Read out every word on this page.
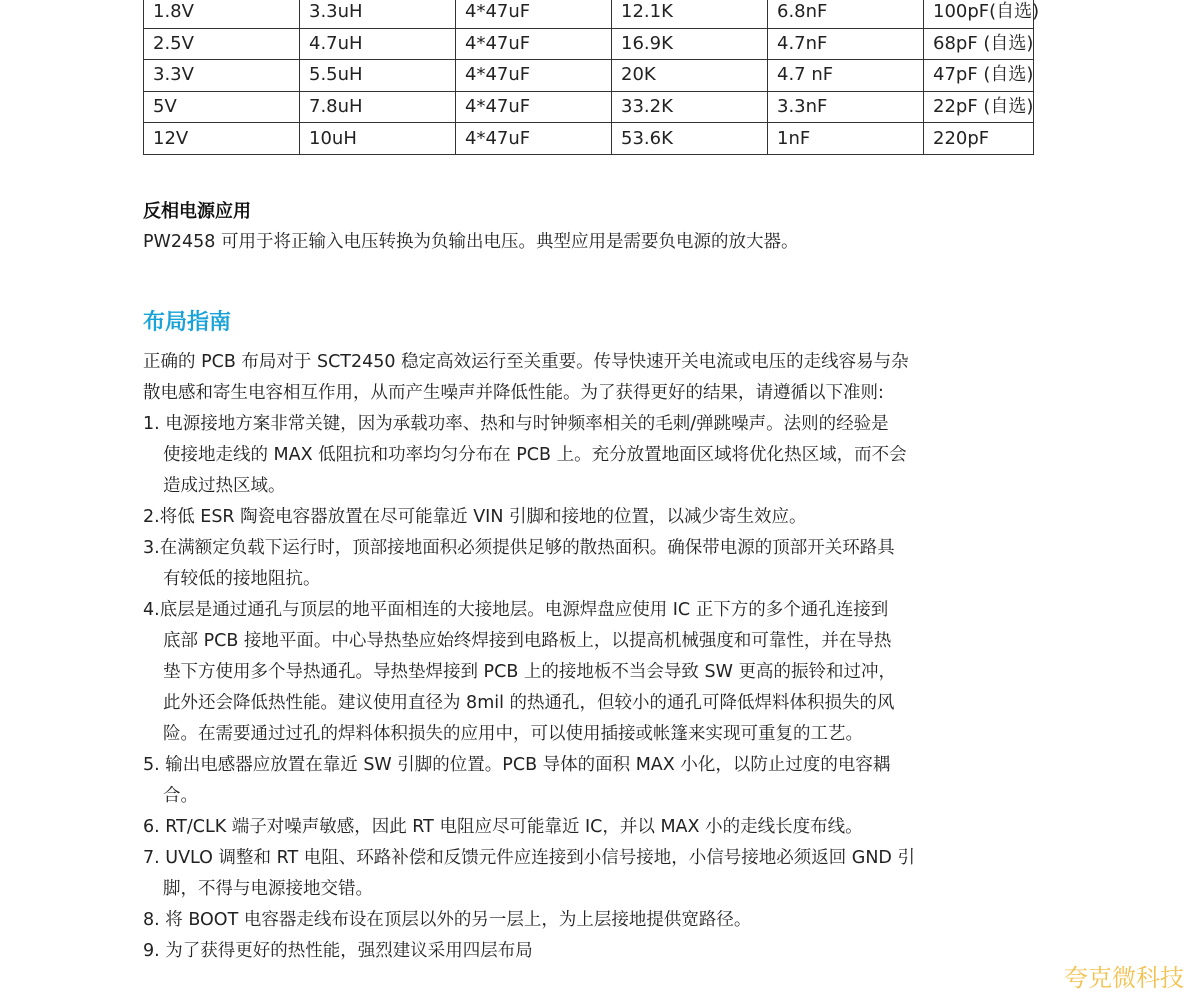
1.8V	3.3uH	4*47uF	12.1K	6.8nF	100pF(自选)
2.5V	4.7uH	4*47uF	16.9K	4.7nF	68pF (自选)
3.3V	5.5uH	4*47uF	20K	4.7 nF	47pF (自选)
5V	7.8uH	4*47uF	33.2K	3.3nF	22pF (自选)
12V	10uH	4*47uF	53.6K	1nF	220pF
反相电源应用
PW2458 可用于将正输入电压转换为负输出电压。典型应用是需要负电源的放大器。
布局指南

正确的 PCB 布局对于 SCT2450 稳定高效运行至关重要。传导快速开关电流或电压的走线容易与杂

散电感和寄生电容相互作用，从而产生噪声并降低性能。为了获得更好的结果，请遵循以下准则:

1. 电源接地方案非常关键，因为承载功率、热和与时钟频率相关的毛刺/弹跳噪声。法则的经验是
使接地走线的 MAX 低阻抗和功率均匀分布在 PCB 上。充分放置地面区域将优化热区域，而不会
造成过热区域。
2.将低 ESR 陶瓷电容器放置在尽可能靠近 VIN 引脚和接地的位置，以减少寄生效应。
3.在满额定负载下运行时，顶部接地面积必须提供足够的散热面积。确保带电源的顶部开关环路具
有较低的接地阻抗。
4.底层是通过通孔与顶层的地平面相连的大接地层。电源焊盘应使用 IC 正下方的多个通孔连接到
底部 PCB 接地平面。中心导热垫应始终焊接到电路板上，以提高机械强度和可靠性，并在导热
垫下方使用多个导热通孔。导热垫焊接到 PCB 上的接地板不当会导致 SW 更高的振铃和过冲，
此外还会降低热性能。建议使用直径为 8mil 的热通孔，但较小的通孔可降低焊料体积损失的风
险。在需要通过过孔的焊料体积损失的应用中，可以使用插接或帐篷来实现可重复的工艺。
5. 输出电感器应放置在靠近 SW 引脚的位置。PCB 导体的面积 MAX 小化，以防止过度的电容耦
合。
6. RT/CLK 端子对噪声敏感，因此 RT 电阻应尽可能靠近 IC，并以 MAX 小的走线长度布线。
7. UVLO 调整和 RT 电阻、环路补偿和反馈元件应连接到小信号接地，小信号接地必须返回 GND 引
脚，不得与电源接地交错。
8. 将 BOOT 电容器走线布设在顶层以外的另一层上，为上层接地提供宽路径。
9. 为了获得更好的热性能，强烈建议采用四层布局
夸克微科技
